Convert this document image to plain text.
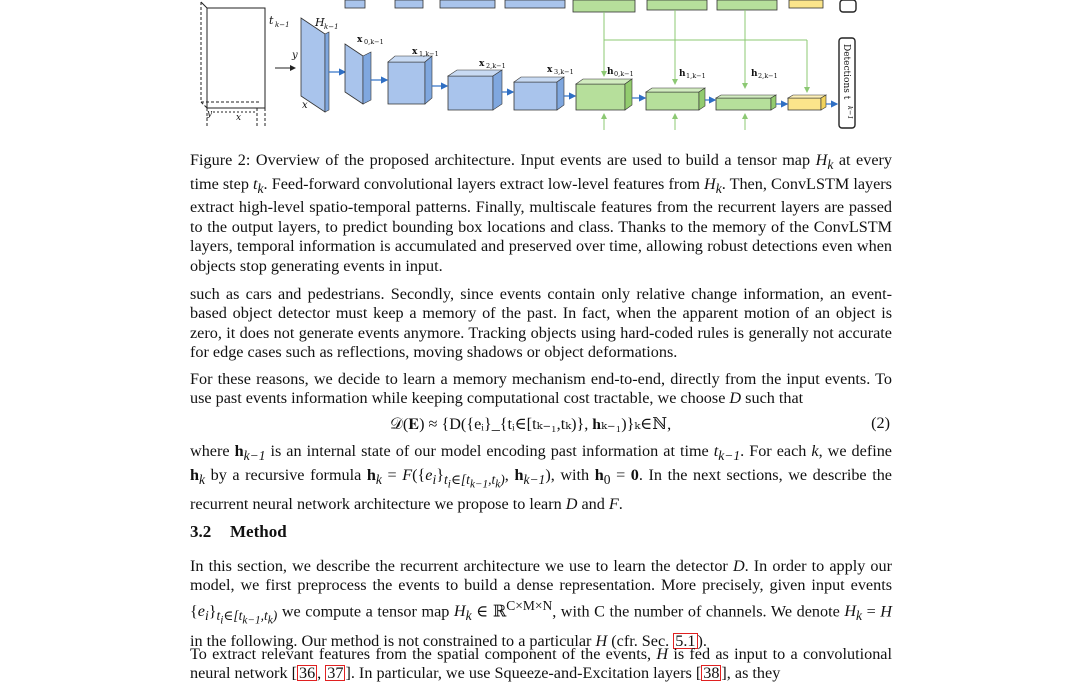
t k−1 H k−1
y
x
x
y
x 0,k−1
x 1,k−1
x 2,k−1	x 3,k−1	h 0,k−1	h 1,k−1	h 2,k−1	Detections t
k−1

Figure 2: Overview of the proposed architecture. Input events are used to build a tensor map $H_k$ at every time step $t_k$. Feed-forward convolutional layers extract low-level features from $H_k$. Then, ConvLSTM layers extract high-level spatio-temporal patterns. Finally, multiscale features from the recurrent layers are passed to the output layers, to predict bounding box locations and class. Thanks to the memory of the ConvLSTM layers, temporal information is accumulated and preserved over time, allowing robust detections even when objects stop generating events in input.

such as cars and pedestrians. Secondly, since events contain only relative change information, an event-based object detector must keep a memory of the past. In fact, when the apparent motion of an object is zero, it does not generate events anymore. Tracking objects using hard-coded rules is generally not accurate for edge cases such as reflections, moving shadows or object deformations.

For these reasons, we decide to learn a memory mechanism end-to-end, directly from the input events. To use past events information while keeping computational cost tractable, we choose D such that

𝒟(𝐄) ≈ {D({eᵢ}_{tᵢ∈[tₖ₋₁,tₖ)}, 𝐡ₖ₋₁)}ₖ∈ℕ,	(2)

where $h_{k-1}$ is an internal state of our model encoding past information at time $t_{k-1}$. For each k, we define $h_k$ by a recursive formula $h_k = F(\{e_i\}_{t_i\in[t_{k-1},t_k)}$, $h_{k-1}$), with $h_0 = 0$. In the next sections, we describe the recurrent neural network architecture we propose to learn D and F.

3.2 Method

In this section, we describe the recurrent architecture we use to learn the detector D. In order to apply our model, we first preprocess the events to build a dense representation. More precisely, given input events $\{e_i\}_{t_i\in[t_{k-1},t_k)}$ we compute a tensor map $H_k$ ∈ ℝ$^{C\times M\times N}$, with C the number of channels. We denote $H_k = H$ in the following. Our method is not constrained to a particular H (cfr. Sec. 5.1 ).

To extract relevant features from the spatial component of the events, H is fed as input to a convolutional neural network [ 36 , 37 ]. In particular, we use Squeeze-and-Excitation layers [ 38 ], as they
